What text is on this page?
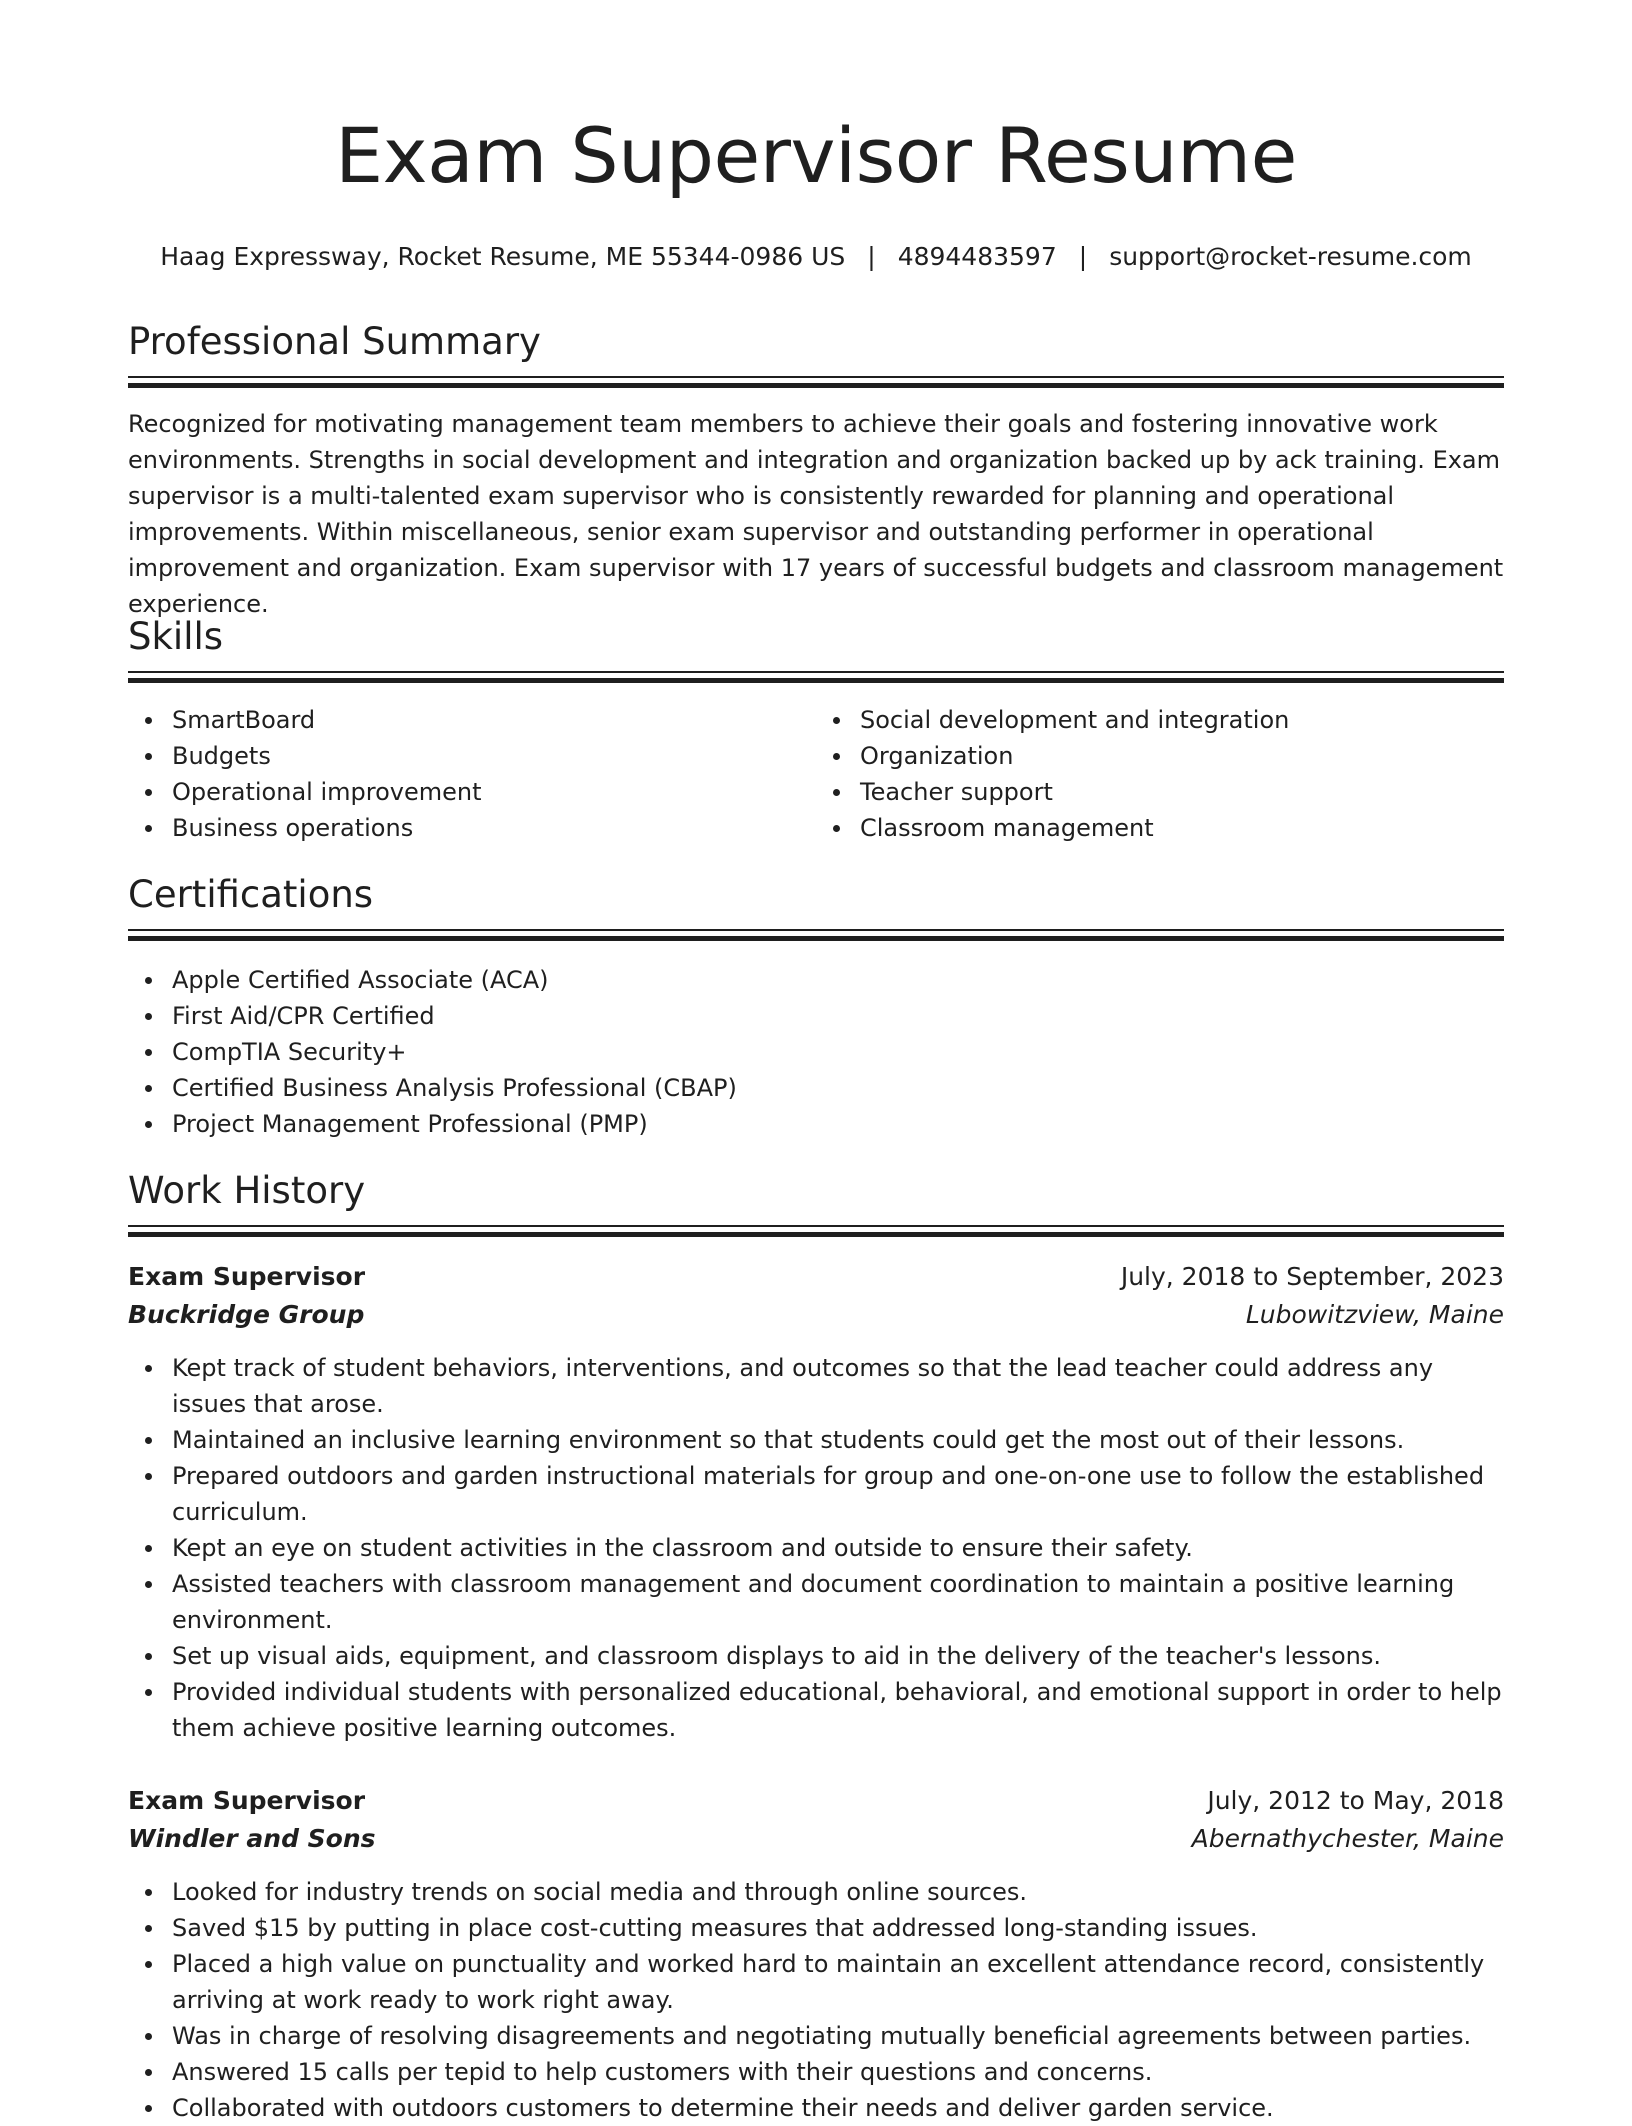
Exam Supervisor Resume
Haag Expressway, Rocket Resume, ME 55344-0986 US | 4894483597 | support@rocket-resume.com
Professional Summary

Recognized for motivating management team members to achieve their goals and fostering innovative work environments. Strengths in social development and integration and organization backed up by ack training. Exam supervisor is a multi-talented exam supervisor who is consistently rewarded for planning and operational improvements. Within miscellaneous, senior exam supervisor and outstanding performer in operational improvement and organization. Exam supervisor with 17 years of successful budgets and classroom management experience.

Skills
SmartBoard
Budgets
Operational improvement
Business operations
Social development and integration
Organization
Teacher support
Classroom management
Certifications
Apple Certified Associate (ACA)
First Aid/CPR Certified
CompTIA Security+
Certified Business Analysis Professional (CBAP)
Project Management Professional (PMP)
Work History
Exam Supervisor	July, 2018 to September, 2023
Buckridge Group	Lubowitzview, Maine
Kept track of student behaviors, interventions, and outcomes so that the lead teacher could address any issues that arose.
Maintained an inclusive learning environment so that students could get the most out of their lessons.
Prepared outdoors and garden instructional materials for group and one-on-one use to follow the established curriculum.
Kept an eye on student activities in the classroom and outside to ensure their safety.
Assisted teachers with classroom management and document coordination to maintain a positive learning environment.
Set up visual aids, equipment, and classroom displays to aid in the delivery of the teacher's lessons.
Provided individual students with personalized educational, behavioral, and emotional support in order to help them achieve positive learning outcomes.
Exam Supervisor	July, 2012 to May, 2018
Windler and Sons	Abernathychester, Maine
Looked for industry trends on social media and through online sources.
Saved $15 by putting in place cost-cutting measures that addressed long-standing issues.
Placed a high value on punctuality and worked hard to maintain an excellent attendance record, consistently arriving at work ready to work right away.
Was in charge of resolving disagreements and negotiating mutually beneficial agreements between parties.
Answered 15 calls per tepid to help customers with their questions and concerns.
Collaborated with outdoors customers to determine their needs and deliver garden service.
